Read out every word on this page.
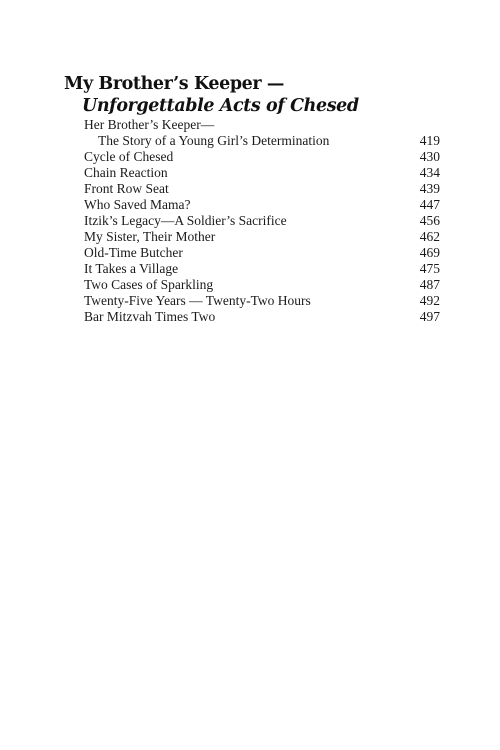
My Brother’s Keeper —
Unforgettable Acts of Chesed
Her Brother’s Keeper—
The Story of a Young Girl’s Determination	419
Cycle of Chesed	430
Chain Reaction	434
Front Row Seat	439
Who Saved Mama?	447
Itzik’s Legacy—A Soldier’s Sacrifice	456
My Sister, Their Mother	462
Old-Time Butcher	469
It Takes a Village	475
Two Cases of Sparkling	487
Twenty-Five Years — Twenty-Two Hours	492
Bar Mitzvah Times Two	497
